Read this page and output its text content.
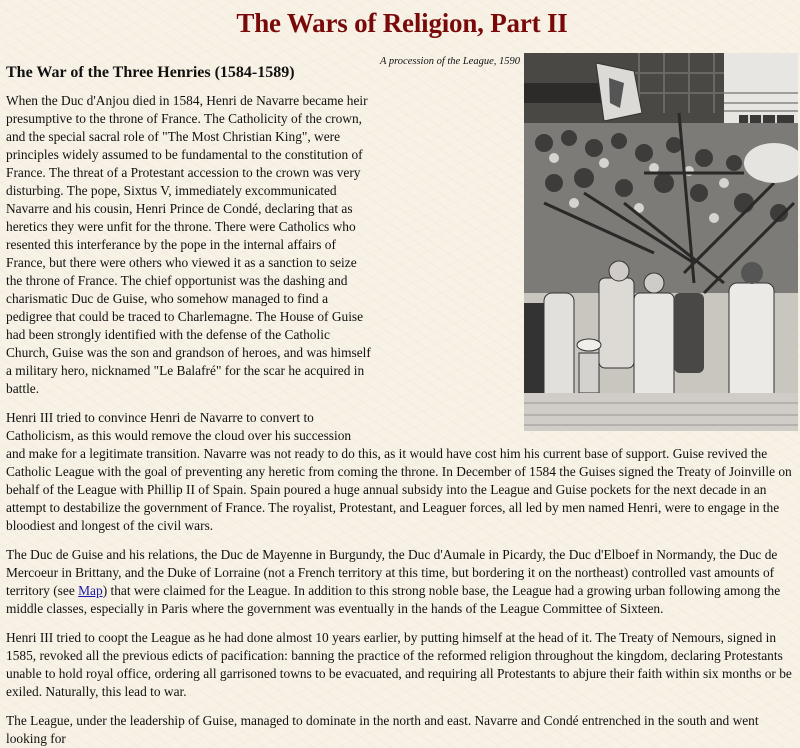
The Wars of Religion, Part II
A procession of the League, 1590
The War of the Three Henries (1584-1589)

When the Duc d'Anjou died in 1584, Henri de Navarre became heir presumptive to the throne of France. The Catholicity of the crown, and the special sacral role of "The Most Christian King", were principles widely assumed to be fundamental to the constitution of France. The threat of a Protestant accession to the crown was very disturbing. The pope, Sixtus V, immediately excommunicated Navarre and his cousin, Henri Prince de Condé, declaring that as heretics they were unfit for the throne. There were Catholics who resented this interferance by the pope in the internal affairs of France, but there were others who viewed it as a sanction to seize the throne of France. The chief opportunist was the dashing and charismatic Duc de Guise, who somehow managed to find a pedigree that could be traced to Charlemagne. The House of Guise had been strongly identified with the defense of the Catholic Church, Guise was the son and grandson of heroes, and was himself a military hero, nicknamed "Le Balafré" for the scar he acquired in battle.

Henri III tried to convince Henri de Navarre to convert to Catholicism, as this would remove the cloud over his succession and make for a legitimate transition. Navarre was not ready to do this, as it would have cost him his current base of support. Guise revived the Catholic League with the goal of preventing any heretic from coming the throne. In December of 1584 the Guises signed the Treaty of Joinville on behalf of the League with Phillip II of Spain. Spain poured a huge annual subsidy into the League and Guise pockets for the next decade in an attempt to destabilize the government of France. The royalist, Protestant, and Leaguer forces, all led by men named Henri, were to engage in the bloodiest and longest of the civil wars.

The Duc de Guise and his relations, the Duc de Mayenne in Burgundy, the Duc d'Aumale in Picardy, the Duc d'Elboef in Normandy, the Duc de Mercoeur in Brittany, and the Duke of Lorraine (not a French territory at this time, but bordering it on the northeast) controlled vast amounts of territory (see Map) that were claimed for the League. In addition to this strong noble base, the League had a growing urban following among the middle classes, especially in Paris where the government was eventually in the hands of the League Committee of Sixteen.

Henri III tried to coopt the League as he had done almost 10 years earlier, by putting himself at the head of it. The Treaty of Nemours, signed in 1585, revoked all the previous edicts of pacification: banning the practice of the reformed religion throughout the kingdom, declaring Protestants unable to hold royal office, ordering all garrisoned towns to be evacuated, and requiring all Protestants to abjure their faith within six months or be exiled. Naturally, this lead to war.

The League, under the leadership of Guise, managed to dominate in the north and east. Navarre and Condé entrenched in the south and went looking for
